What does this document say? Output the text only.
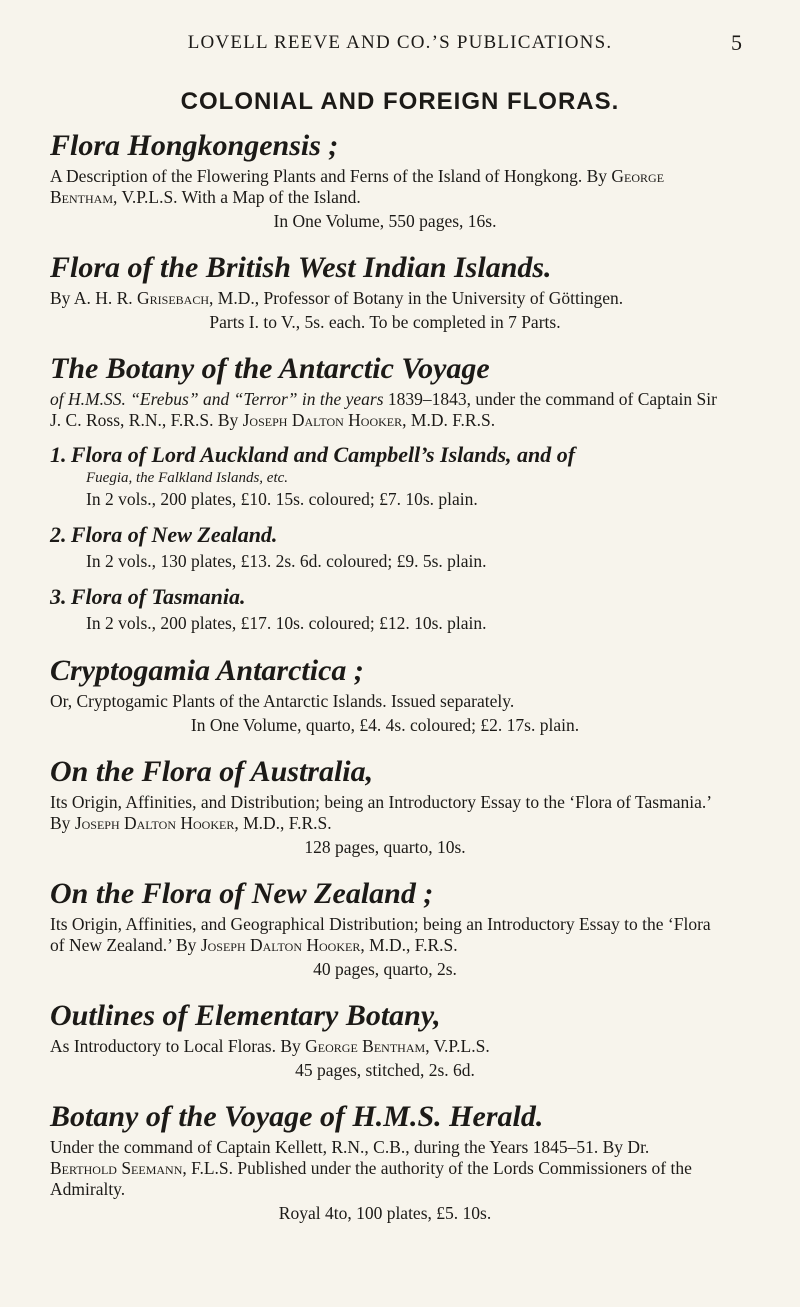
LOVELL REEVE AND CO.’S PUBLICATIONS.	5
COLONIAL AND FOREIGN FLORAS.

Flora Hongkongensis ;

A Description of the Flowering Plants and Ferns of the Island of Hongkong. By George Bentham, V.P.L.S. With a Map of the Island.

In One Volume, 550 pages, 16s.

Flora of the British West Indian Islands.

By A. H. R. Grisebach, M.D., Professor of Botany in the University of Göttingen.

Parts I. to V., 5s. each. To be completed in 7 Parts.

The Botany of the Antarctic Voyage

of H.M.SS. “Erebus” and “Terror” in the years 1839–1843, under the command of Captain Sir J. C. Ross, R.N., F.R.S. By Joseph Dalton Hooker, M.D. F.R.S.

1. Flora of Lord Auckland and Campbell’s Islands, and of
Fuegia, the Falkland Islands, etc.
In 2 vols., 200 plates, £10. 15s. coloured; £7. 10s. plain.
2. Flora of New Zealand.
In 2 vols., 130 plates, £13. 2s. 6d. coloured; £9. 5s. plain.
3. Flora of Tasmania.
In 2 vols., 200 plates, £17. 10s. coloured; £12. 10s. plain.

Cryptogamia Antarctica ;

Or, Cryptogamic Plants of the Antarctic Islands. Issued separately.

In One Volume, quarto, £4. 4s. coloured; £2. 17s. plain.

On the Flora of Australia,

Its Origin, Affinities, and Distribution; being an Introductory Essay to the ‘Flora of Tasmania.’ By Joseph Dalton Hooker, M.D., F.R.S.

128 pages, quarto, 10s.

On the Flora of New Zealand ;

Its Origin, Affinities, and Geographical Distribution; being an Introductory Essay to the ‘Flora of New Zealand.’ By Joseph Dalton Hooker, M.D., F.R.S.

40 pages, quarto, 2s.

Outlines of Elementary Botany,

As Introductory to Local Floras. By George Bentham, V.P.L.S.

45 pages, stitched, 2s. 6d.

Botany of the Voyage of H.M.S. Herald.

Under the command of Captain Kellett, R.N., C.B., during the Years 1845–51. By Dr. Berthold Seemann, F.L.S. Published under the authority of the Lords Commissioners of the Admiralty.

Royal 4to, 100 plates, £5. 10s.
